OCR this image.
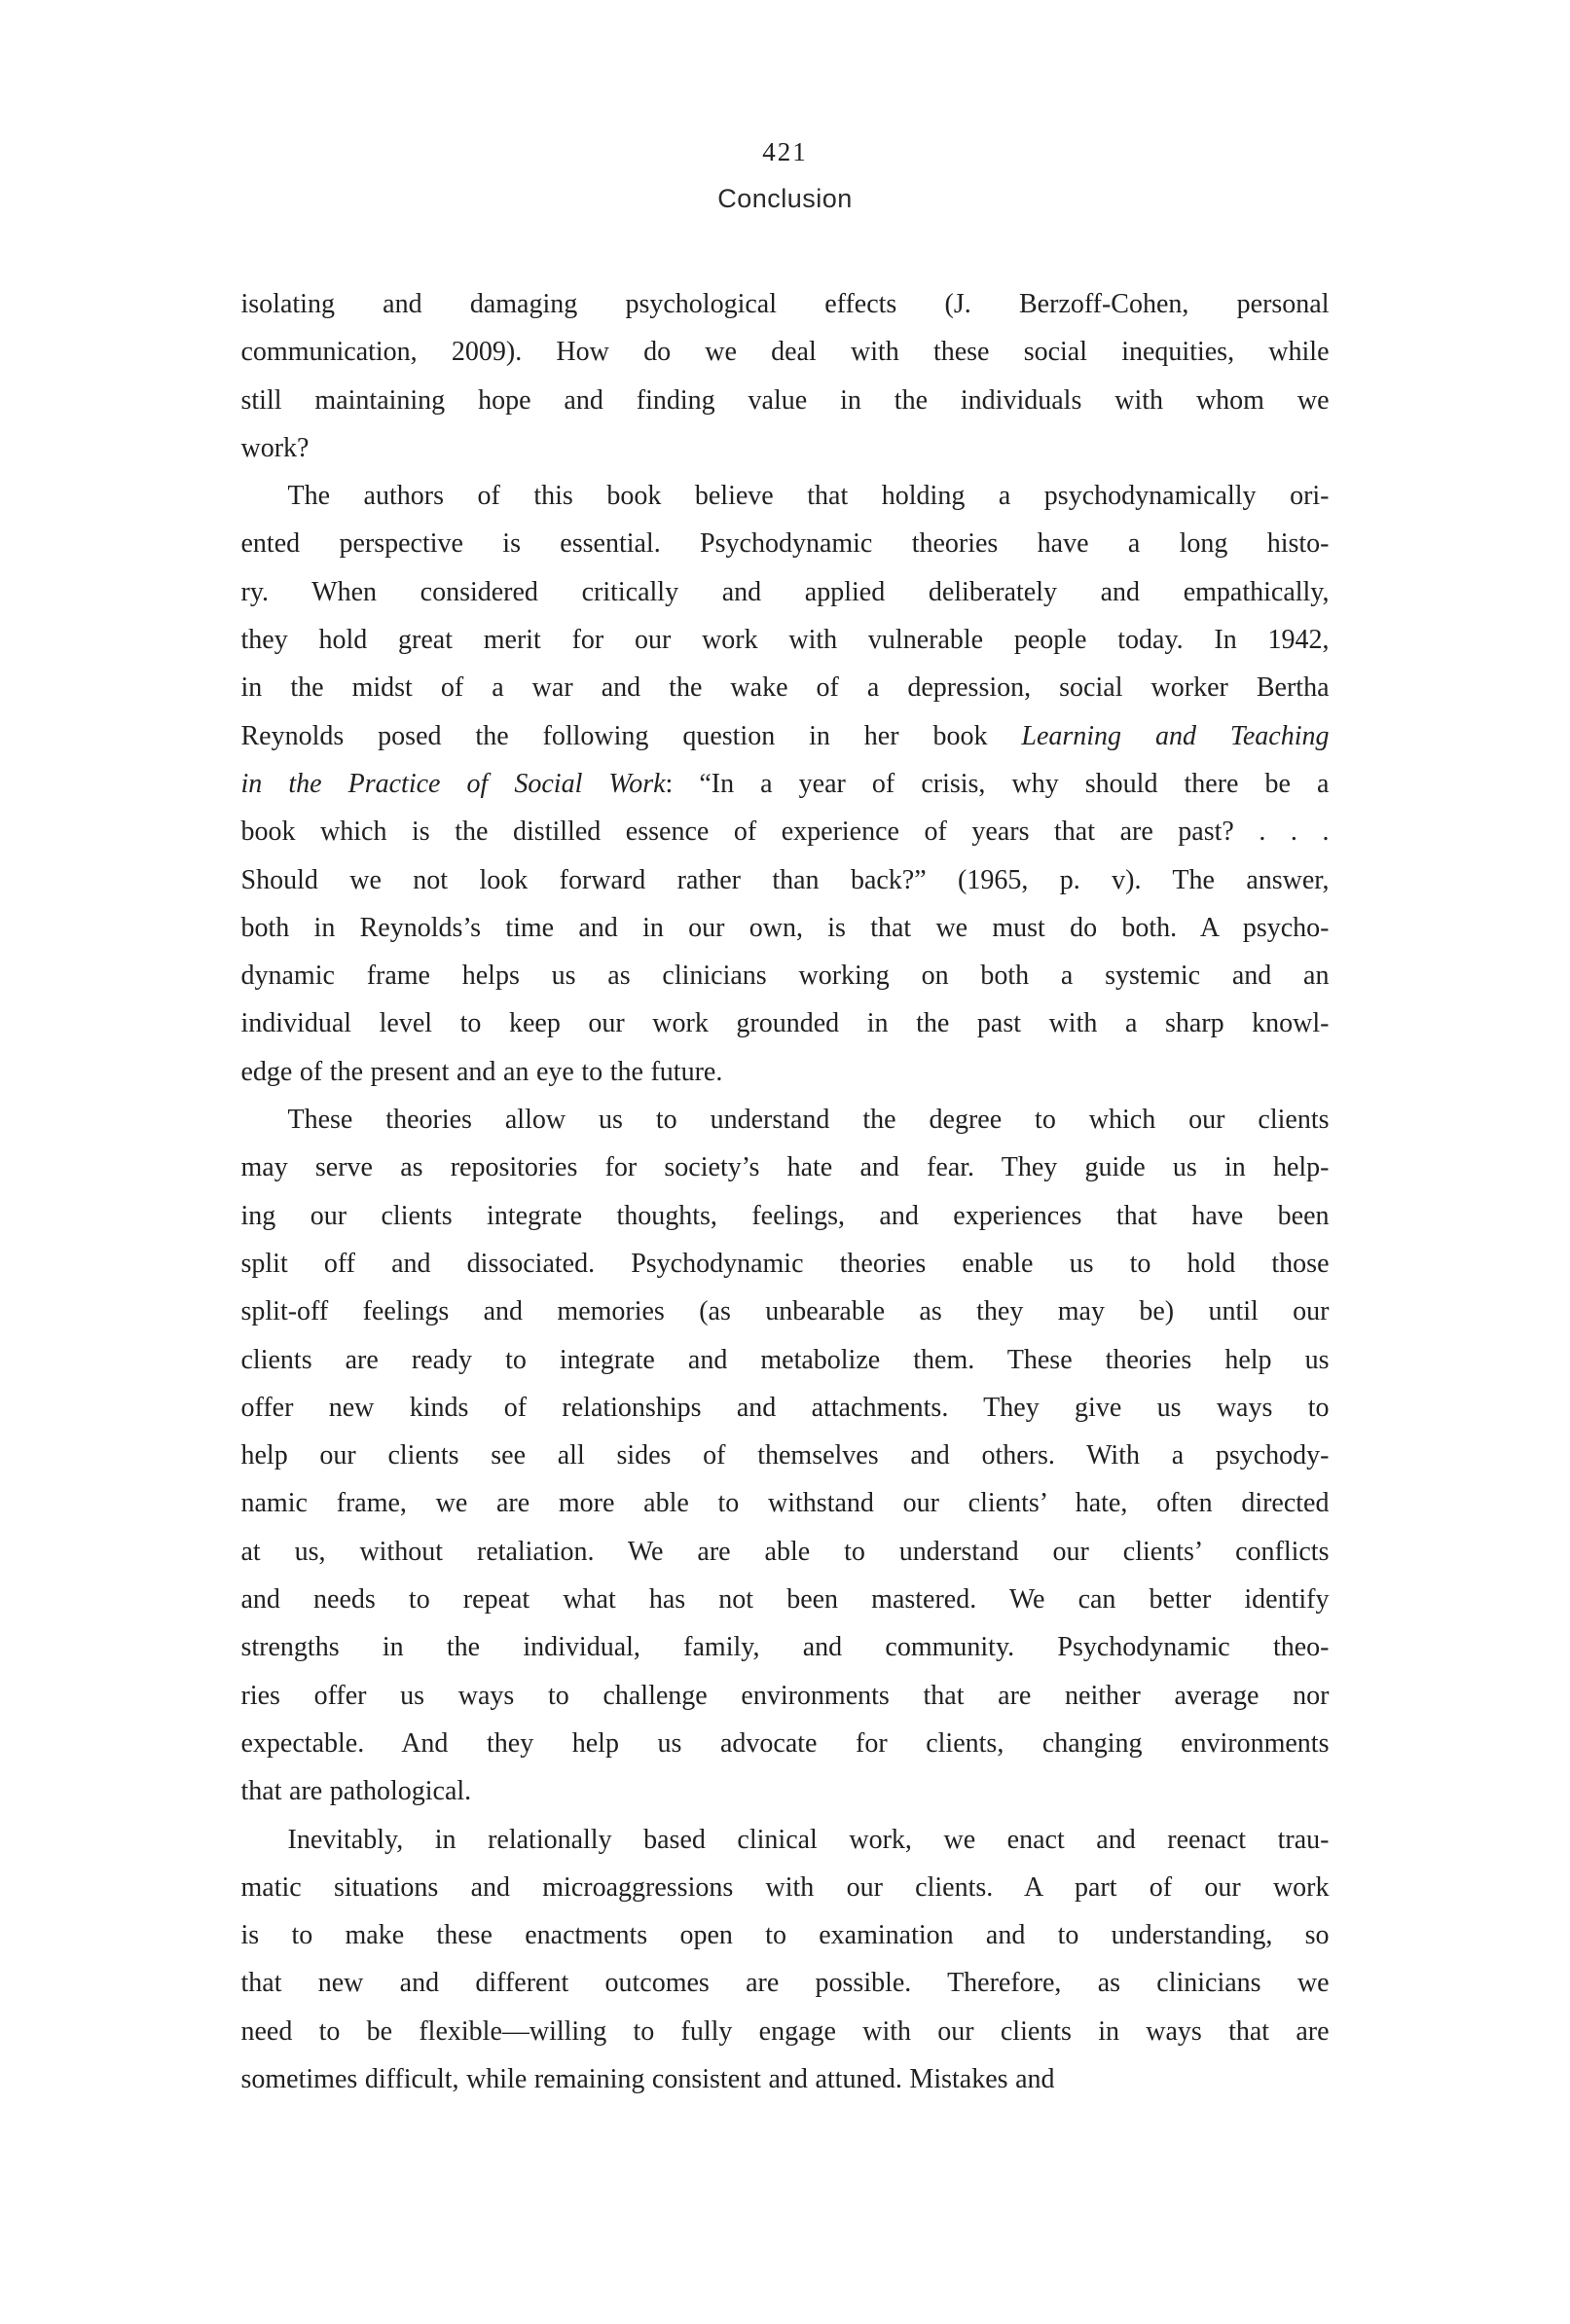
421
Conclusion
isolating and damaging psychological effects (J. Berzoff-Cohen, personal
communication, 2009). How do we deal with these social inequities, while
still maintaining hope and finding value in the individuals with whom we
work?
The authors of this book believe that holding a psychodynamically ori-
ented perspective is essential. Psychodynamic theories have a long histo-
ry. When considered critically and applied deliberately and empathically,
they hold great merit for our work with vulnerable people today. In 1942,
in the midst of a war and the wake of a depression, social worker Bertha
Reynolds posed the following question in her book Learning and Teaching
in the Practice of Social Work: “In a year of crisis, why should there be a
book which is the distilled essence of experience of years that are past? . . .
Should we not look forward rather than back?” (1965, p. v). The answer,
both in Reynolds’s time and in our own, is that we must do both. A psycho-
dynamic frame helps us as clinicians working on both a systemic and an
individual level to keep our work grounded in the past with a sharp knowl-
edge of the present and an eye to the future.
These theories allow us to understand the degree to which our clients
may serve as repositories for society’s hate and fear. They guide us in help-
ing our clients integrate thoughts, feelings, and experiences that have been
split off and dissociated. Psychodynamic theories enable us to hold those
split-off feelings and memories (as unbearable as they may be) until our
clients are ready to integrate and metabolize them. These theories help us
offer new kinds of relationships and attachments. They give us ways to
help our clients see all sides of themselves and others. With a psychody-
namic frame, we are more able to withstand our clients’ hate, often directed
at us, without retaliation. We are able to understand our clients’ conflicts
and needs to repeat what has not been mastered. We can better identify
strengths in the individual, family, and community. Psychodynamic theo-
ries offer us ways to challenge environments that are neither average nor
expectable. And they help us advocate for clients, changing environments
that are pathological.
Inevitably, in relationally based clinical work, we enact and reenact trau-
matic situations and microaggressions with our clients. A part of our work
is to make these enactments open to examination and to understanding, so
that new and different outcomes are possible. Therefore, as clinicians we
need to be flexible—willing to fully engage with our clients in ways that are
sometimes difficult, while remaining consistent and attuned. Mistakes and
